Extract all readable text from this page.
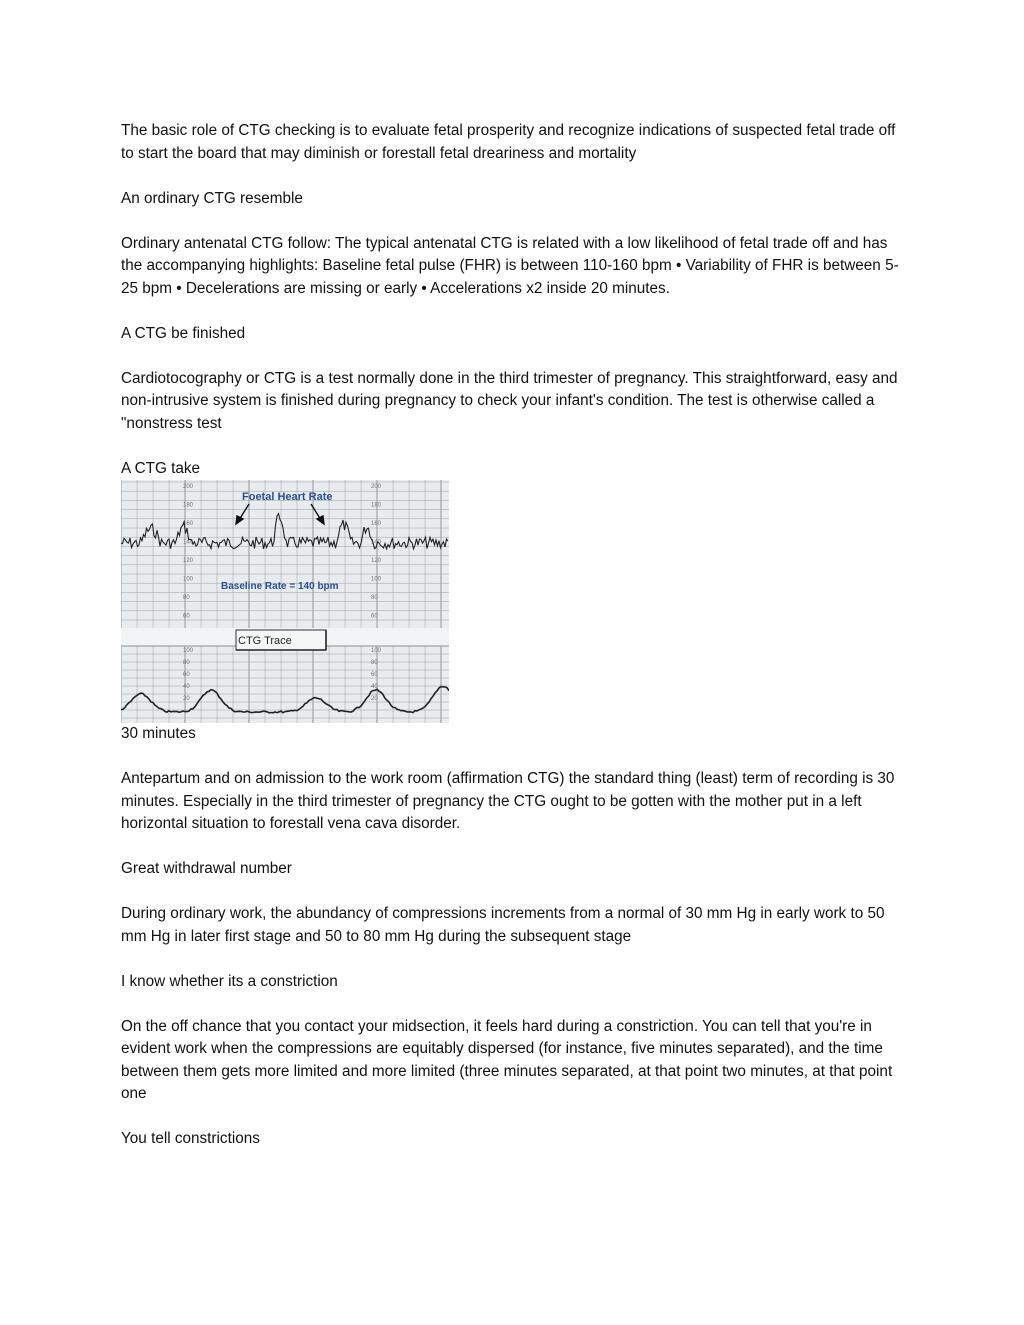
The basic role of CTG checking is to evaluate fetal prosperity and recognize indications of suspected fetal trade off to start the board that may diminish or forestall fetal dreariness and mortality

An ordinary CTG resemble

Ordinary antenatal CTG follow: The typical antenatal CTG is related with a low likelihood of fetal trade off and has the accompanying highlights: Baseline fetal pulse (FHR) is between 110-160 bpm • Variability of FHR is between 5-25 bpm • Decelerations are missing or early • Accelerations x2 inside 20 minutes.

A CTG be finished

Cardiotocography or CTG is a test normally done in the third trimester of pregnancy. This straightforward, easy and non-intrusive system is finished during pregnancy to check your infant's condition. The test is otherwise called a "nonstress test

A CTG take

200
180
160
140
120
100
80
60
200
180
160
140
120
100
80
60
100
80
60
40
20
100
80
60
40
20
Foetal Heart Rate
Baseline Rate = 140 bpm
CTG Trace

30 minutes

Antepartum and on admission to the work room (affirmation CTG) the standard thing (least) term of recording is 30 minutes. Especially in the third trimester of pregnancy the CTG ought to be gotten with the mother put in a left horizontal situation to forestall vena cava disorder.

Great withdrawal number

During ordinary work, the abundancy of compressions increments from a normal of 30 mm Hg in early work to 50 mm Hg in later first stage and 50 to 80 mm Hg during the subsequent stage

I know whether its a constriction

On the off chance that you contact your midsection, it feels hard during a constriction. You can tell that you're in evident work when the compressions are equitably dispersed (for instance, five minutes separated), and the time between them gets more limited and more limited (three minutes separated, at that point two minutes, at that point one

You tell constrictions
